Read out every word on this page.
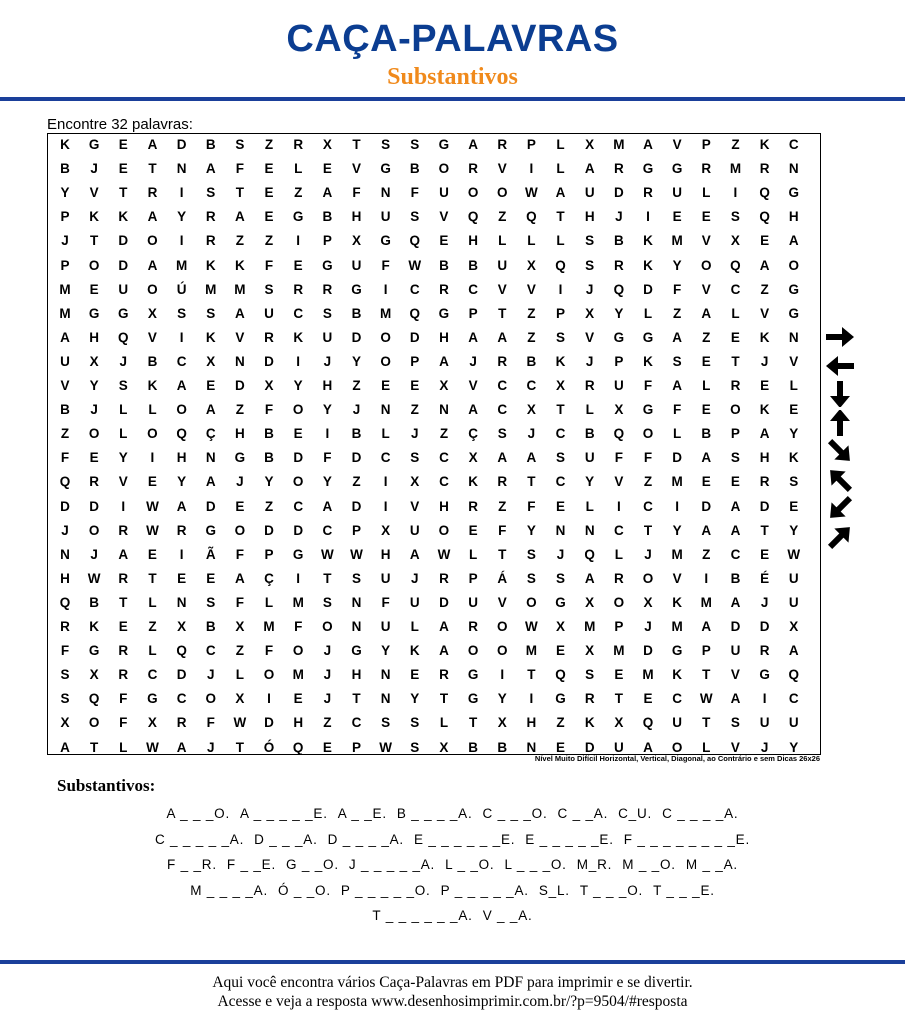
CAÇA-PALAVRAS
Substantivos
Encontre 32 palavras:
K	G	E	A	D	B	S	Z	R	X	T	S	S	G	A	R	P	L	X	M	A	V	P	Z	K	C
B	J	E	T	N	A	F	E	L	E	V	G	B	O	R	V	I	L	A	R	G	G	R	M	R	N
Y	V	T	R	I	S	T	E	Z	A	F	N	F	U	O	O	W	A	U	D	R	U	L	I	Q	G
P	K	K	A	Y	R	A	E	G	B	H	U	S	V	Q	Z	Q	T	H	J	I	E	E	S	Q	H
J	T	D	O	I	R	Z	Z	I	P	X	G	Q	E	H	L	L	L	S	B	K	M	V	X	E	A
P	O	D	A	M	K	K	F	E	G	U	F	W	B	B	U	X	Q	S	R	K	Y	O	Q	A	O
M	E	U	O	Ú	M	M	S	R	R	G	I	C	R	C	V	V	I	J	Q	D	F	V	C	Z	G
M	G	G	X	S	S	A	U	C	S	B	M	Q	G	P	T	Z	P	X	Y	L	Z	A	L	V	G
A	H	Q	V	I	K	V	R	K	U	D	O	D	H	A	A	Z	S	V	G	G	A	Z	E	K	N
U	X	J	B	C	X	N	D	I	J	Y	O	P	A	J	R	B	K	J	P	K	S	E	T	J	V
V	Y	S	K	A	E	D	X	Y	H	Z	E	E	X	V	C	C	X	R	U	F	A	L	R	E	L
B	J	L	L	O	A	Z	F	O	Y	J	N	Z	N	A	C	X	T	L	X	G	F	E	O	K	E
Z	O	L	O	Q	Ç	H	B	E	I	B	L	J	Z	Ç	S	J	C	B	Q	O	L	B	P	A	Y
F	E	Y	I	H	N	G	B	D	F	D	C	S	C	X	A	A	S	U	F	F	D	A	S	H	K
Q	R	V	E	Y	A	J	Y	O	Y	Z	I	X	C	K	R	T	C	Y	V	Z	M	E	E	R	S
D	D	I	W	A	D	E	Z	C	A	D	I	V	H	R	Z	F	E	L	I	C	I	D	A	D	E
J	O	R	W	R	G	O	D	D	C	P	X	U	O	E	F	Y	N	N	C	T	Y	A	A	T	Y
N	J	A	E	I	Ã	F	P	G	W	W	H	A	W	L	T	S	J	Q	L	J	M	Z	C	E	W
H	W	R	T	E	E	A	Ç	I	T	S	U	J	R	P	Á	S	S	A	R	O	V	I	B	É	U
Q	B	T	L	N	S	F	L	M	S	N	F	U	D	U	V	O	G	X	O	X	K	M	A	J	U
R	K	E	Z	X	B	X	M	F	O	N	U	L	A	R	O	W	X	M	P	J	M	A	D	D	X
F	G	R	L	Q	C	Z	F	O	J	G	Y	K	A	O	O	M	E	X	M	D	G	P	U	R	A
S	X	R	C	D	J	L	O	M	J	H	N	E	R	G	I	T	Q	S	E	M	K	T	V	G	Q
S	Q	F	G	C	O	X	I	E	J	T	N	Y	T	G	Y	I	G	R	T	E	C	W	A	I	C
X	O	F	X	R	F	W	D	H	Z	C	S	S	L	T	X	H	Z	K	X	Q	U	T	S	U	U
A	T	L	W	A	J	T	Ó	Q	E	P	W	S	X	B	B	N	E	D	U	A	O	L	V	J	Y
Nível Muito Difícil Horizontal, Vertical, Diagonal, ao Contrário e sem Dicas 26x26
Substantivos:
A _ _ _O. A _ _ _ _ _E. A _ _E. B _ _ _ _A. C _ _ _O. C _ _A. C_U. C _ _ _ _A.
C _ _ _ _ _A. D _ _ _A. D _ _ _ _A. E _ _ _ _ _ _E. E _ _ _ _ _E. F _ _ _ _ _ _ _ _E.
F _ _R. F _ _E. G _ _O. J _ _ _ _ _A. L _ _O. L _ _ _O. M_R. M _ _O. M _ _A.
M _ _ _ _A. Ó _ _O. P _ _ _ _ _O. P _ _ _ _ _A. S_L. T _ _ _O. T _ _ _E.
T _ _ _ _ _ _A. V _ _A.
Aqui você encontra vários Caça-Palavras em PDF para imprimir e se divertir.
Acesse e veja a resposta www.desenhosimprimir.com.br/?p=9504/#resposta
